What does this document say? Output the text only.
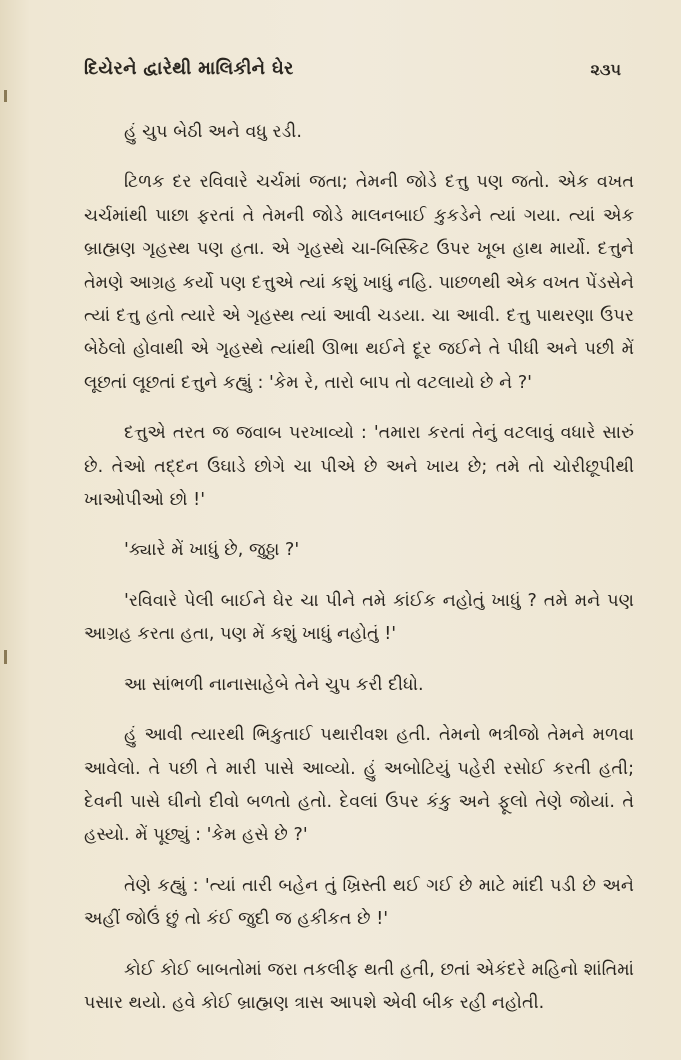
દિયેરને દ્વારેથી માલિકીને ઘેર	૨૩૫

હું ચુપ બેઠી અને વધુ રડી.

ટિળક દર રવિવારે ચર્ચમાં જતા; તેમની જોડે દત્તુ પણ જતો. એક વખત ચર્ચમાંથી પાછા ફરતાં તે તેમની જોડે માલનબાઈ કુકડેને ત્યાં ગયા. ત્યાં એક બ્રાહ્મણ ગૃહસ્થ પણ હતા. એ ગૃહસ્થે ચા-બિસ્કિટ ઉપર ખૂબ હાથ માર્યો. દત્તુને તેમણે આગ્રહ કર્યો પણ દત્તુએ ત્યાં કશું ખાધું નહિ. પાછળથી એક વખત પેંડસેને ત્યાં દત્તુ હતો ત્યારે એ ગૃહસ્થ ત્યાં આવી ચડયા. ચા આવી. દત્તુ પાથરણા ઉપર બેઠેલો હોવાથી એ ગૃહસ્થે ત્યાંથી ઊભા થઈને દૂર જઈને તે પીધી અને પછી મેં લૂછતાં લૂછતાં દત્તુને કહ્યું : 'કેમ રે, તારો બાપ તો વટલાયો છે ને ?'

દત્તુએ તરત જ જવાબ પરખાવ્યો : 'તમારા કરતાં તેનું વટલાવું વધારે સારું છે. તેઓ તદ્દન ઉઘાડે છોગે ચા પીએ છે અને ખાય છે; તમે તો ચોરીછૂપીથી ખાઓપીઓ છો !'

'ક્યારે મેં ખાધું છે, જુઠ્ઠા ?'

'રવિવારે પેલી બાઈને ઘેર ચા પીને તમે કાંઈક નહોતું ખાધું ? તમે મને પણ આગ્રહ કરતા હતા, પણ મેં કશું ખાધું નહોતું !'

આ સાંભળી નાનાસાહેબે તેને ચુપ કરી દીધો.

હું આવી ત્યારથી ભિકુતાઈ પથારીવશ હતી. તેમનો ભત્રીજો તેમને મળવા આવેલો. તે પછી તે મારી પાસે આવ્યો. હું અબોટિયું પહેરી રસોઈ કરતી હતી; દેવની પાસે ઘીનો દીવો બળતો હતો. દેવલાં ઉપર કંકુ અને ફૂલો તેણે જોયાં. તે હસ્યો. મેં પૂછ્યું : 'કેમ હસે છે ?'

તેણે કહ્યું : 'ત્યાં તારી બહેન તું ખ્રિસ્તી થઈ ગઈ છે માટે માંદી પડી છે અને અહીં જોઉં છું તો કંઈ જુદી જ હકીકત છે !'

કોઈ કોઈ બાબતોમાં જરા તકલીફ થતી હતી, છતાં એકંદરે મહિનો શાંતિમાં પસાર થયો. હવે કોઈ બ્રાહ્મણ ત્રાસ આપશે એવી બીક રહી નહોતી.
